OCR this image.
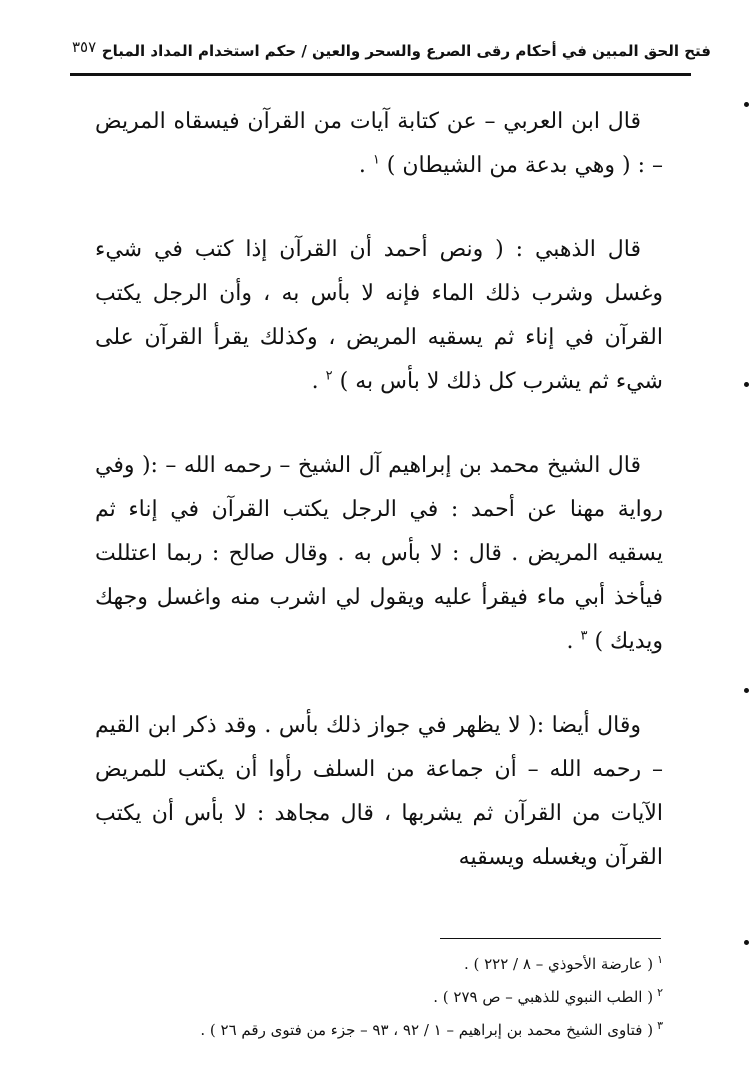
فتح الحق المبين في أحكام رقى الصرع والسحر والعين / حكم استخدام المداد المباح
٣٥٧

قال ابن العربي – عن كتابة آيات من القرآن فيسقاه المريض – : ( وهي بدعة من الشيطان ) $^١$ .

قال الذهبي : ( ونص أحمد أن القرآن إذا كتب في شيء وغسل وشرب ذلك الماء فإنه لا بأس به ، وأن الرجل يكتب القرآن في إناء ثم يسقيه المريض ، وكذلك يقرأ القرآن على شيء ثم يشرب كل ذلك لا بأس به ) $^٢$ .

قال الشيخ محمد بن إبراهيم آل الشيخ – رحمه الله – :( وفي رواية مهنا عن أحمد : في الرجل يكتب القرآن في إناء ثم يسقيه المريض . قال : لا بأس به . وقال صالح : ربما اعتللت فيأخذ أبي ماء فيقرأ عليه ويقول لي اشرب منه واغسل وجهك ويديك ) $^٣$ .

وقال أيضا :( لا يظهر في جواز ذلك بأس . وقد ذكر ابن القيم – رحمه الله – أن جماعة من السلف رأوا أن يكتب للمريض الآيات من القرآن ثم يشربها ، قال مجاهد : لا بأس أن يكتب القرآن ويغسله ويسقيه

$^١$( عارضة الأحوذي – ٨ / ٢٢٢ ) .
$^٢$( الطب النبوي للذهبي – ص ٢٧٩ ) .
$^٣$( فتاوى الشيخ محمد بن إبراهيم – ١ / ٩٢ ، ٩٣ – جزء من فتوى رقم ٢٦ ) .
